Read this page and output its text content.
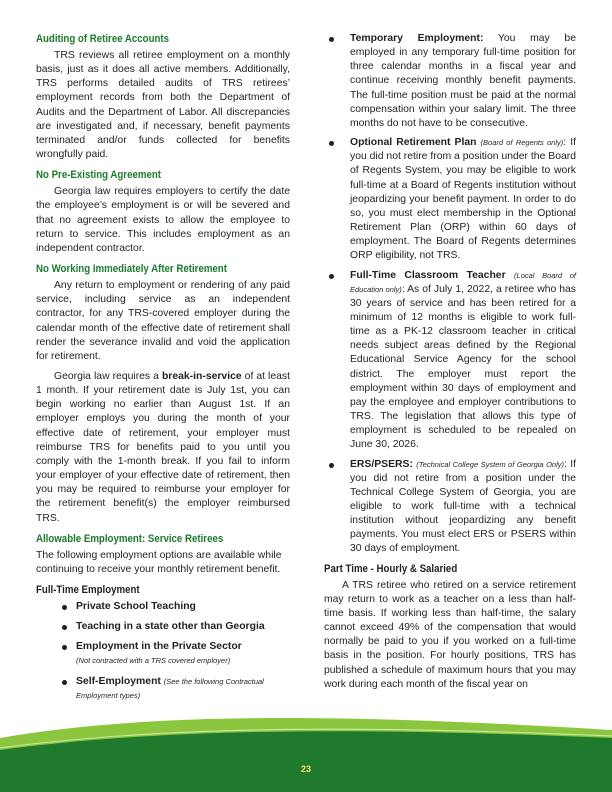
Auditing of Retiree Accounts

TRS reviews all retiree employment on a monthly basis, just as it does all active members. Additionally, TRS performs detailed audits of TRS retirees’ employment records from both the Department of Audits and the Department of Labor. All discrepancies are investigated and, if necessary, benefit payments terminated and/or funds collected for benefits wrongfully paid.

No Pre-Existing Agreement

Georgia law requires employers to certify the date the employee’s employment is or will be severed and that no agreement exists to allow the employee to return to service. This includes employment as an independent contractor.

No Working Immediately After Retirement

Any return to employment or rendering of any paid service, including service as an independent contractor, for any TRS-covered employer during the calendar month of the effective date of retirement shall render the severance invalid and void the application for retirement.

Georgia law requires a break-in-service of at least 1 month. If your retirement date is July 1st, you can begin working no earlier than August 1st. If an employer employs you during the month of your effective date of retirement, your employer must reimburse TRS for benefits paid to you until you comply with the 1-month break. If you fail to inform your employer of your effective date of retirement, then you may be required to reimburse your employer for the retirement benefit(s) the employer reimbursed TRS.

Allowable Employment: Service Retirees

The following employment options are available while continuing to receive your monthly retirement benefit.

Full-Time Employment
Private School Teaching
Teaching in a state other than Georgia
Employment in the Private Sector
(Not contracted with a TRS covered employer)
Self-Employment (See the following Contractual Employment types)
Temporary Employment: You may be employed in any temporary full-time position for three calendar months in a fiscal year and continue receiving monthly benefit payments. The full-time position must be paid at the normal compensation within your salary limit. The three months do not have to be consecutive.
Optional Retirement Plan (Board of Regents only): If you did not retire from a position under the Board of Regents System, you may be eligible to work full-time at a Board of Regents institution without jeopardizing your benefit payment. In order to do so, you must elect membership in the Optional Retirement Plan (ORP) within 60 days of employment. The Board of Regents determines ORP eligibility, not TRS.
Full-Time Classroom Teacher (Local Board of Education only): As of July 1, 2022, a retiree who has 30 years of service and has been retired for a minimum of 12 months is eligible to work full-time as a PK-12 classroom teacher in critical needs subject areas defined by the Regional Educational Service Agency for the school district. The employer must report the employment within 30 days of employment and pay the employee and employer contributions to TRS. The legislation that allows this type of employment is scheduled to be repealed on June 30, 2026.
ERS/PSERS: (Technical College System of Georgia Only): If you did not retire from a position under the Technical College System of Georgia, you are eligible to work full-time with a technical institution without jeopardizing any benefit payments. You must elect ERS or PSERS within 30 days of employment.
Part Time - Hourly & Salaried

A TRS retiree who retired on a service retirement may return to work as a teacher on a less than half-time basis. If working less than half-time, the salary cannot exceed 49% of the compensation that would normally be paid to you if you worked on a full-time basis in the position. For hourly positions, TRS has published a schedule of maximum hours that you may work during each month of the fiscal year on

23
